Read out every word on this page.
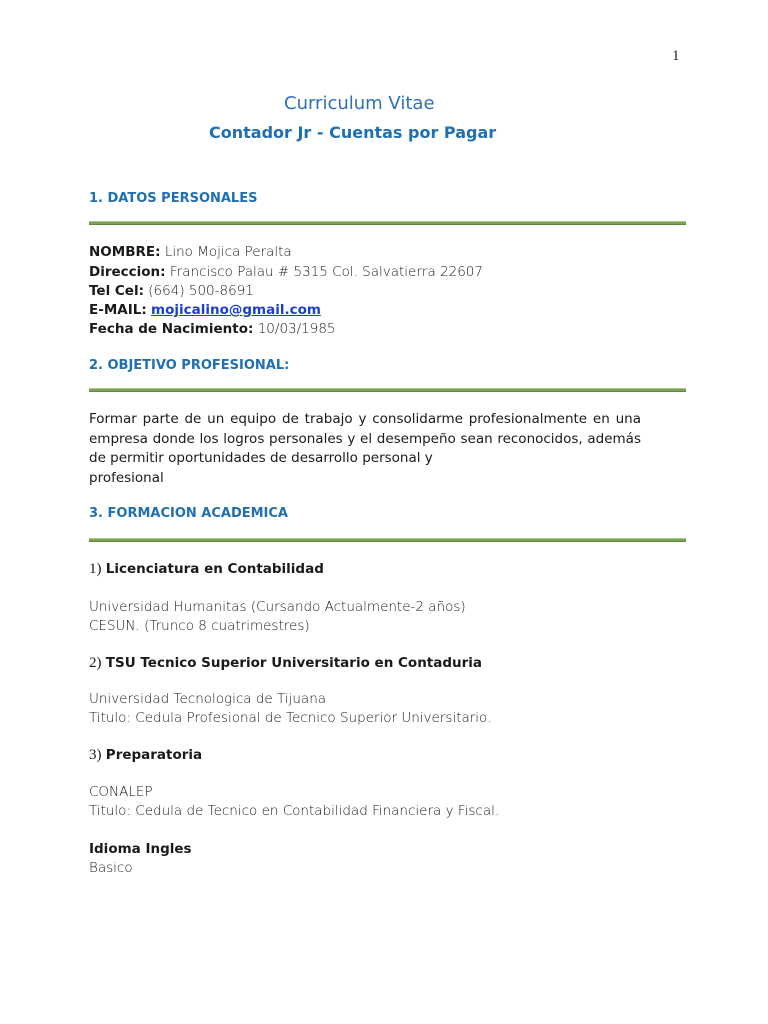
1
Curriculum Vitae
Contador Jr - Cuentas por Pagar
1. DATOS PERSONALES
NOMBRE: Lino Mojica Peralta
Direccion: Francisco Palau # 5315 Col. Salvatierra 22607
Tel Cel: (664) 500-8691
E-MAIL: mojicalino@gmail.com
Fecha de Nacimiento: 10/03/1985
2. OBJETIVO PROFESIONAL:
Formar parte de un equipo de trabajo y consolidarme profesionalmente en una empresa donde los logros personales y el desempeño sean reconocidos, además de permitir oportunidades de desarrollo personal y
profesional
3. FORMACION ACADEMICA
1) Licenciatura en Contabilidad
Universidad Humanitas (Cursando Actualmente-2 años)
CESUN. (Trunco 8 cuatrimestres)
2) TSU Tecnico Superior Universitario en Contaduria
Universidad Tecnologica de Tijuana
Titulo: Cedula Profesional de Tecnico Superior Universitario.
3) Preparatoria
CONALEP
Titulo: Cedula de Tecnico en Contabilidad Financiera y Fiscal.
Idioma Ingles
Basico
